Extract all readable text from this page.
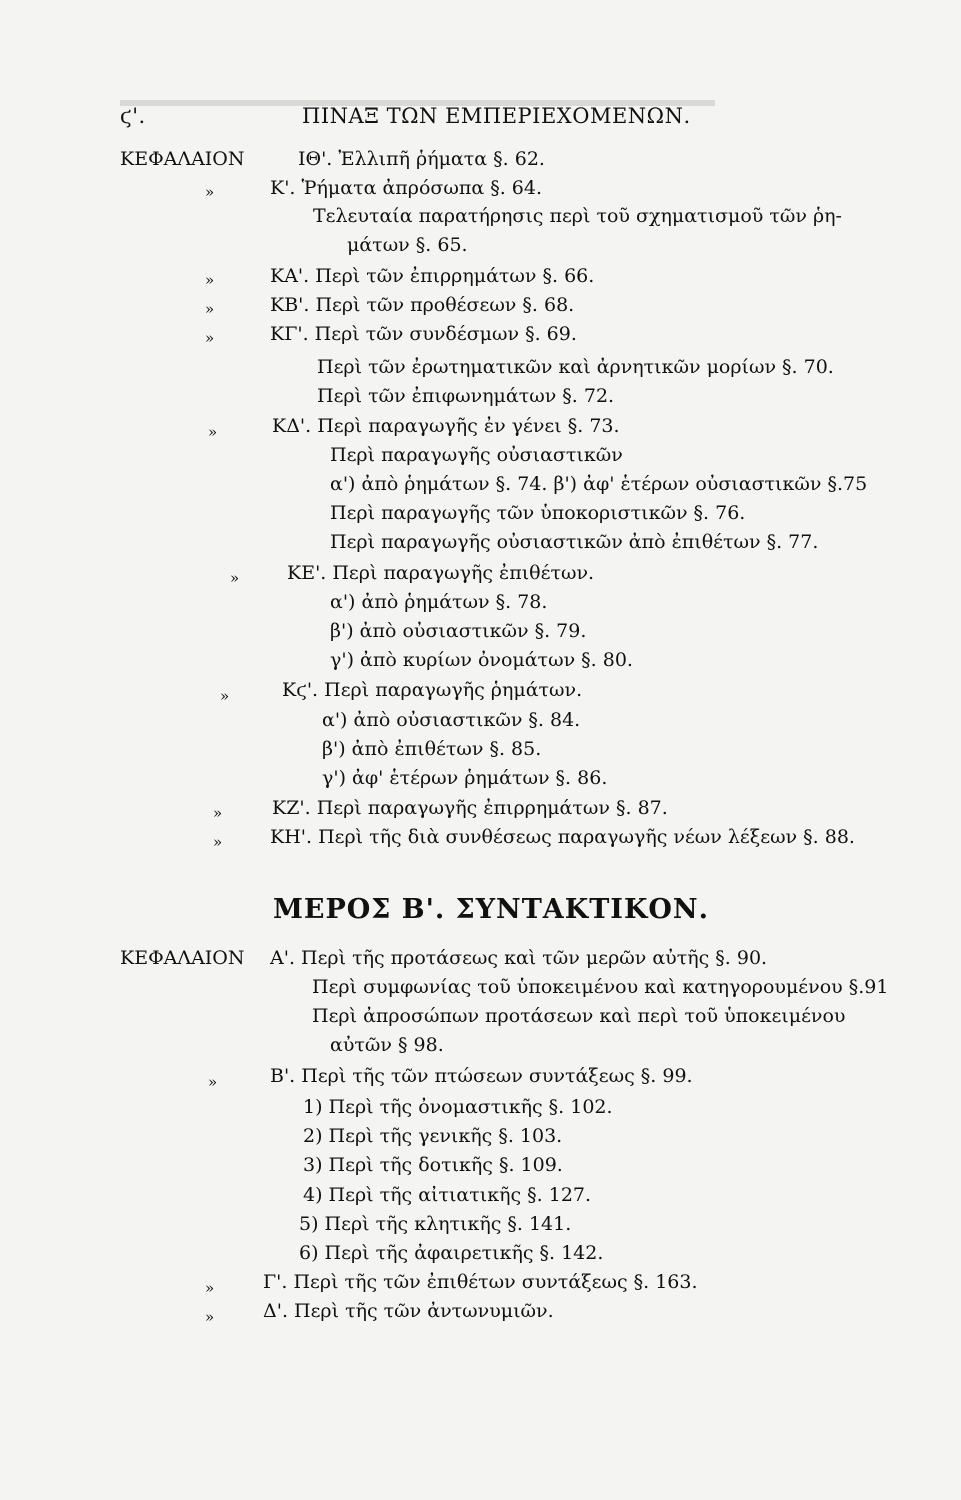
ϛ'.	ΠΙΝΑΞ ΤΩΝ ΕΜΠΕΡΙΕΧΟΜΕΝΩΝ.
ΚΕΦΑΛΑΙΟΝ	ΙΘ'. Ἐλλιπῆ ῥήματα §. 62.
»	Κ'. Ῥήματα ἀπρόσωπα §. 64.
Τελευταία παρατήρησις περὶ τοῦ σχηματισμοῦ τῶν ῥη-
μάτων §. 65.
»	ΚΑ'. Περὶ τῶν ἐπιρρημάτων §. 66.
»	ΚΒ'. Περὶ τῶν προθέσεων §. 68.
»	ΚΓ'. Περὶ τῶν συνδέσμων §. 69.
Περὶ τῶν ἐρωτηματικῶν καὶ ἀρνητικῶν μορίων §. 70.
Περὶ τῶν ἐπιφωνημάτων §. 72.
»	ΚΔ'. Περὶ παραγωγῆς ἐν γένει §. 73.
Περὶ παραγωγῆς οὐσιαστικῶν
α') ἀπὸ ῥημάτων §. 74. β') ἀφ' ἑτέρων οὐσιαστικῶν §.75
Περὶ παραγωγῆς τῶν ὑποκοριστικῶν §. 76.
Περὶ παραγωγῆς οὐσιαστικῶν ἀπὸ ἐπιθέτων §. 77.
»	ΚΕ'. Περὶ παραγωγῆς ἐπιθέτων.
α') ἀπὸ ῥημάτων §. 78.
β') ἀπὸ οὐσιαστικῶν §. 79.
γ') ἀπὸ κυρίων ὀνομάτων §. 80.
»	Κϛ'. Περὶ παραγωγῆς ῥημάτων.
α') ἀπὸ οὐσιαστικῶν §. 84.
β') ἀπὸ ἐπιθέτων §. 85.
γ') ἀφ' ἑτέρων ῥημάτων §. 86.
»	ΚΖ'. Περὶ παραγωγῆς ἐπιρρημάτων §. 87.
»	ΚΗ'. Περὶ τῆς διὰ συνθέσεως παραγωγῆς νέων λέξεων §. 88.
ΜΕΡΟΣ Β'. ΣΥΝΤΑΚΤΙΚΟΝ.
ΚΕΦΑΛΑΙΟΝ Α'. Περὶ τῆς προτάσεως καὶ τῶν μερῶν αὐτῆς §. 90.
Περὶ συμφωνίας τοῦ ὑποκειμένου καὶ κατηγορουμένου §.91
Περὶ ἀπροσώπων προτάσεων καὶ περὶ τοῦ ὑποκειμένου
αὐτῶν § 98.
»	Β'. Περὶ τῆς τῶν πτώσεων συντάξεως §. 99.
1) Περὶ τῆς ὀνομαστικῆς §. 102.
2) Περὶ τῆς γενικῆς §. 103.
3) Περὶ τῆς δοτικῆς §. 109.
4) Περὶ τῆς αἰτιατικῆς §. 127.
5) Περὶ τῆς κλητικῆς §. 141.
6) Περὶ τῆς ἀφαιρετικῆς §. 142.
»	Γ'. Περὶ τῆς τῶν ἐπιθέτων συντάξεως §. 163.
»	Δ'. Περὶ τῆς τῶν ἀντωνυμιῶν.
